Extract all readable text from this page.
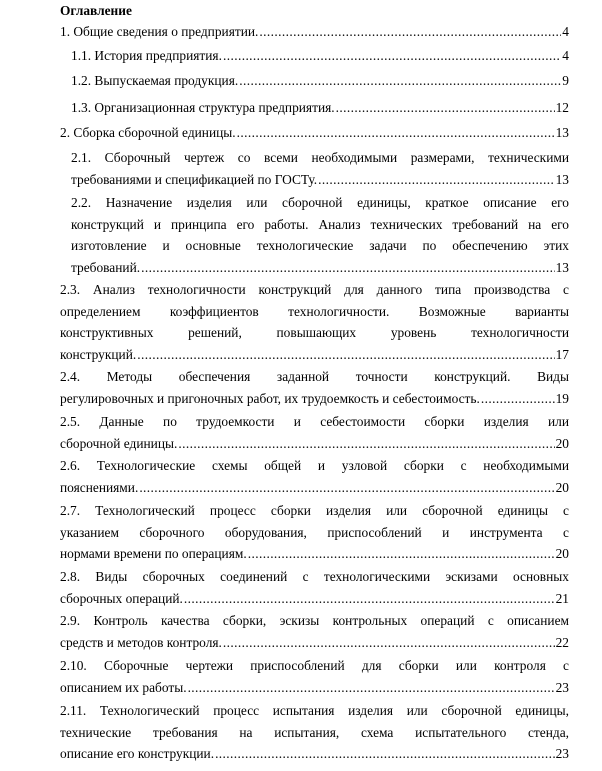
Оглавление
1. Общие сведения о предприятии. .....	4
1.1. История предприятия. .....	4
1.2. Выпускаемая продукция. .....	9
1.3. Организационная структура предприятия. .....	12
2. Сборка сборочной единицы. .....	13
2.1. Сборочный чертеж со всеми необходимыми размерами, техническими
требованиями и спецификацией по ГОСТу. .....	13
2.2. Назначение изделия или сборочной единицы, краткое описание его
конструкций и принципа его работы. Анализ технических требований на его
изготовление и основные технологические задачи по обеспечению этих
требований. .....	13
2.3. Анализ технологичности конструкций для данного типа производства с
определением коэффициентов технологичности. Возможные варианты
конструктивных решений, повышающих уровень технологичности
конструкций. .....	17
2.4. Методы обеспечения заданной точности конструкций. Виды
регулировочных и пригоночных работ, их трудоемкость и себестоимость. .....	19
2.5. Данные по трудоемкости и себестоимости сборки изделия или
сборочной единицы. .....	20
2.6. Технологические схемы общей и узловой сборки с необходимыми
пояснениями. .....	20
2.7. Технологический процесс сборки изделия или сборочной единицы с
указанием сборочного оборудования, приспособлений и инструмента с
нормами времени по операциям. .....	20
2.8. Виды сборочных соединений с технологическими эскизами основных
сборочных операций. .....	21
2.9. Контроль качества сборки, эскизы контрольных операций с описанием
средств и методов контроля. .....	22
2.10. Сборочные чертежи приспособлений для сборки или контроля с
описанием их работы. .....	23
2.11. Технологический процесс испытания изделия или сборочной единицы,
технические требования на испытания, схема испытательного стенда,
описание его конструкции. .....	23
